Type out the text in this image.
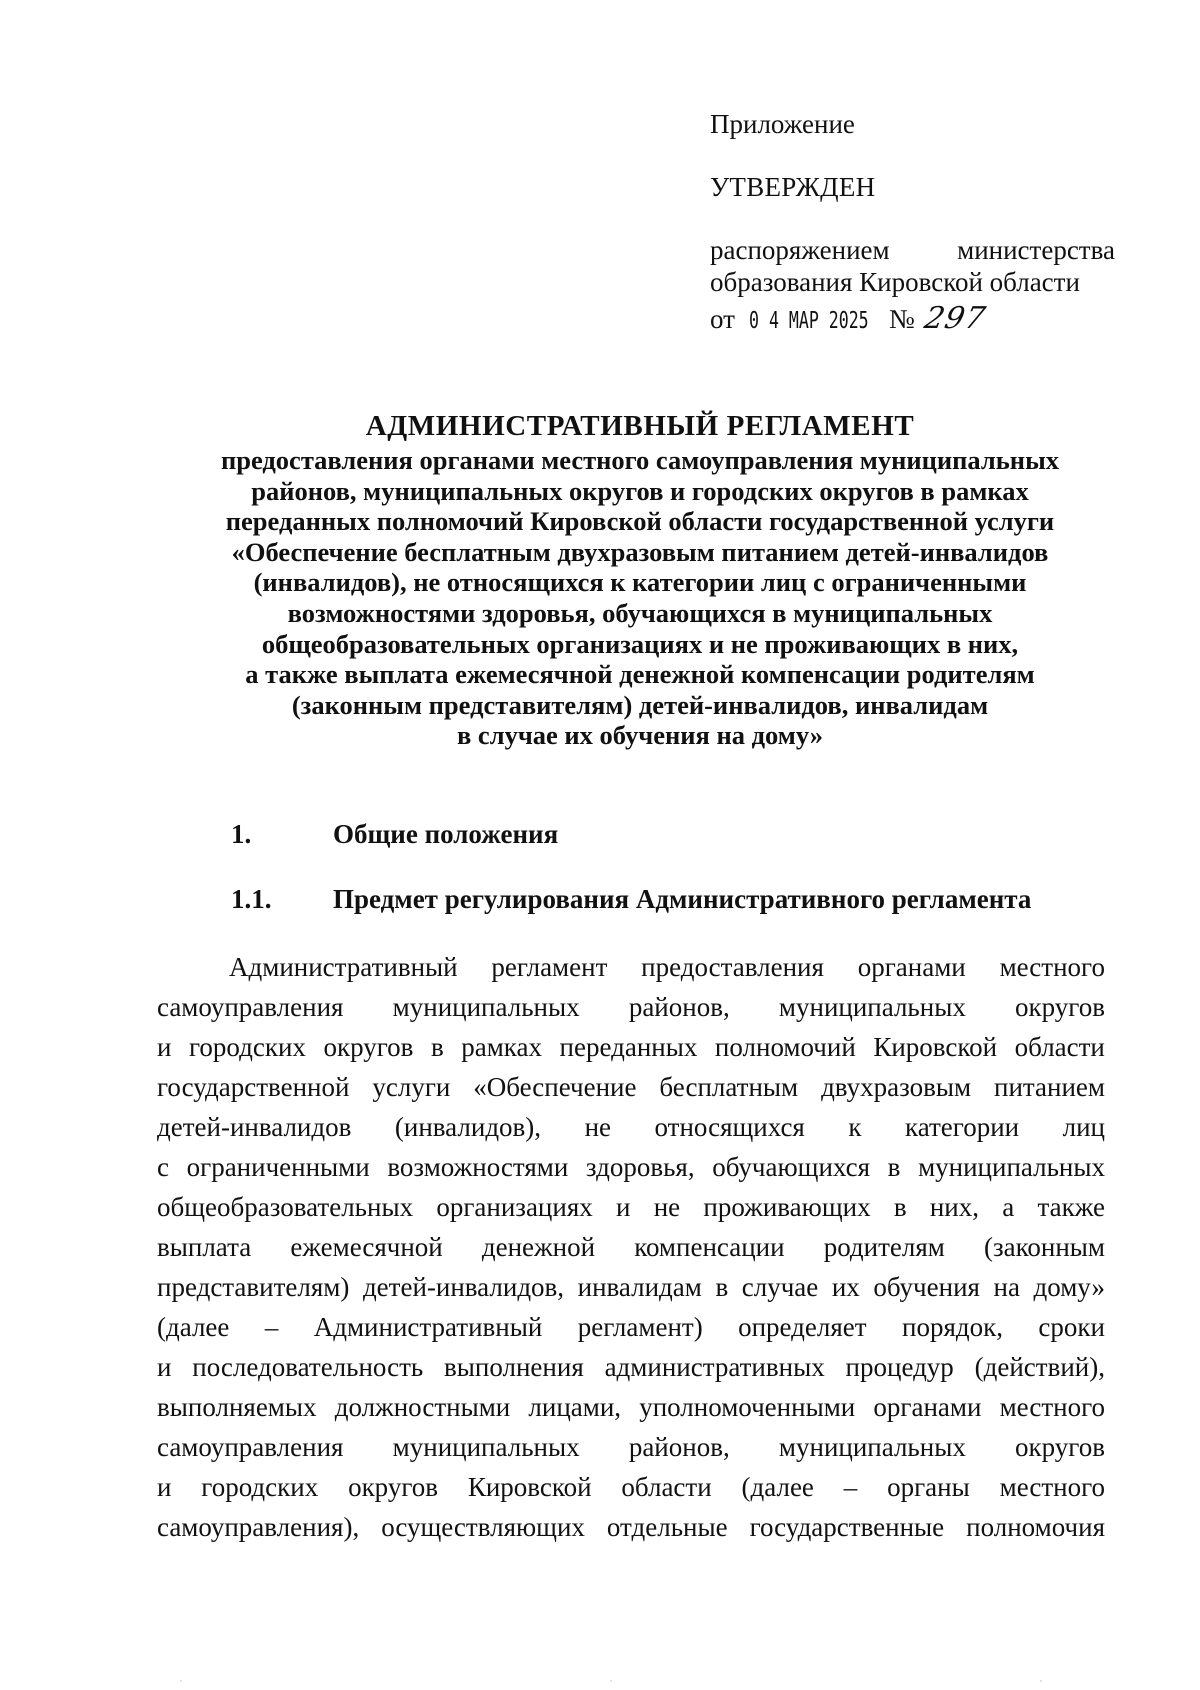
Приложение

УТВЕРЖДЕН

распоряжением	министерства
образования Кировской области
от 0 4 МАР 2025 № 297

АДМИНИСТРАТИВНЫЙ РЕГЛАМЕНТ

предоставления органами местного самоуправления муниципальных

районов, муниципальных округов и городских округов в рамках

переданных полномочий Кировской области государственной услуги

«Обеспечение бесплатным двухразовым питанием детей-инвалидов

(инвалидов), не относящихся к категории лиц с ограниченными

возможностями здоровья, обучающихся в муниципальных

общеобразовательных организациях и не проживающих в них,

а также выплата ежемесячной денежной компенсации родителям

(законным представителям) детей-инвалидов, инвалидам

в случае их обучения на дому»

1.	Общие положения
1.1. Предмет регулирования Административного регламента
Административный регламент предоставления органами местного
самоуправления муниципальных районов, муниципальных округов
и городских округов в рамках переданных полномочий Кировской области
государственной услуги «Обеспечение бесплатным двухразовым питанием
детей-инвалидов (инвалидов), не относящихся к категории лиц
с ограниченными возможностями здоровья, обучающихся в муниципальных
общеобразовательных организациях и не проживающих в них, а также
выплата ежемесячной денежной компенсации родителям (законным
представителям) детей-инвалидов, инвалидам в случае их обучения на дому»
(далее – Административный регламент) определяет порядок, сроки
и последовательность выполнения административных процедур (действий),
выполняемых должностными лицами, уполномоченными органами местного
самоуправления муниципальных районов, муниципальных округов
и городских округов Кировской области (далее – органы местного
самоуправления), осуществляющих отдельные государственные полномочия
